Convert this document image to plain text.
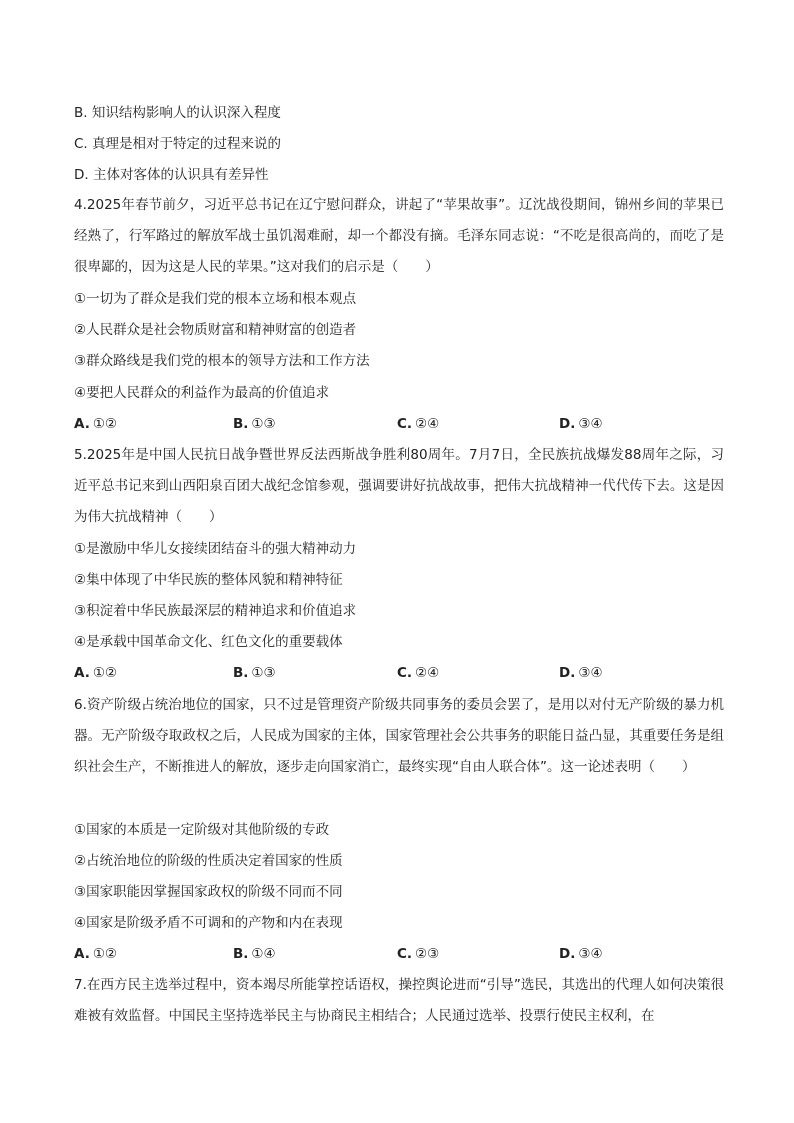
B. 知识结构影响人的认识深入程度
C. 真理是相对于特定的过程来说的
D. 主体对客体的认识具有差异性
4.2025年春节前夕，习近平总书记在辽宁慰问群众，讲起了“苹果故事”。辽沈战役期间，锦州乡间的苹果已经熟了，行军路过的解放军战士虽饥渴难耐，却一个都没有摘。毛泽东同志说：“不吃是很高尚的，而吃了是很卑鄙的，因为这是人民的苹果。”这对我们的启示是（　　）
①一切为了群众是我们党的根本立场和根本观点
②人民群众是社会物质财富和精神财富的创造者
③群众路线是我们党的根本的领导方法和工作方法
④要把人民群众的利益作为最高的价值追求
A. ①②	B. ①③	C. ②④	D. ③④
5.2025年是中国人民抗日战争暨世界反法西斯战争胜利80周年。7月7日，全民族抗战爆发88周年之际，习近平总书记来到山西阳泉百团大战纪念馆参观，强调要讲好抗战故事，把伟大抗战精神一代代传下去。这是因为伟大抗战精神（　　）
①是激励中华儿女接续团结奋斗的强大精神动力
②集中体现了中华民族的整体风貌和精神特征
③积淀着中华民族最深层的精神追求和价值追求
④是承载中国革命文化、红色文化的重要载体
A. ①②	B. ①③	C. ②④	D. ③④
6.资产阶级占统治地位的国家，只不过是管理资产阶级共同事务的委员会罢了，是用以对付无产阶级的暴力机器。无产阶级夺取政权之后，人民成为国家的主体，国家管理社会公共事务的职能日益凸显，其重要任务是组织社会生产，不断推进人的解放，逐步走向国家消亡，最终实现“自由人联合体”。这一论述表明（　　）
①国家的本质是一定阶级对其他阶级的专政
②占统治地位的阶级的性质决定着国家的性质
③国家职能因掌握国家政权的阶级不同而不同
④国家是阶级矛盾不可调和的产物和内在表现
A. ①②	B. ①④	C. ②③	D. ③④
7.在西方民主选举过程中，资本竭尽所能掌控话语权，操控舆论进而“引导”选民，其选出的代理人如何决策很难被有效监督。中国民主坚持选举民主与协商民主相结合；人民通过选举、投票行使民主权利，在
